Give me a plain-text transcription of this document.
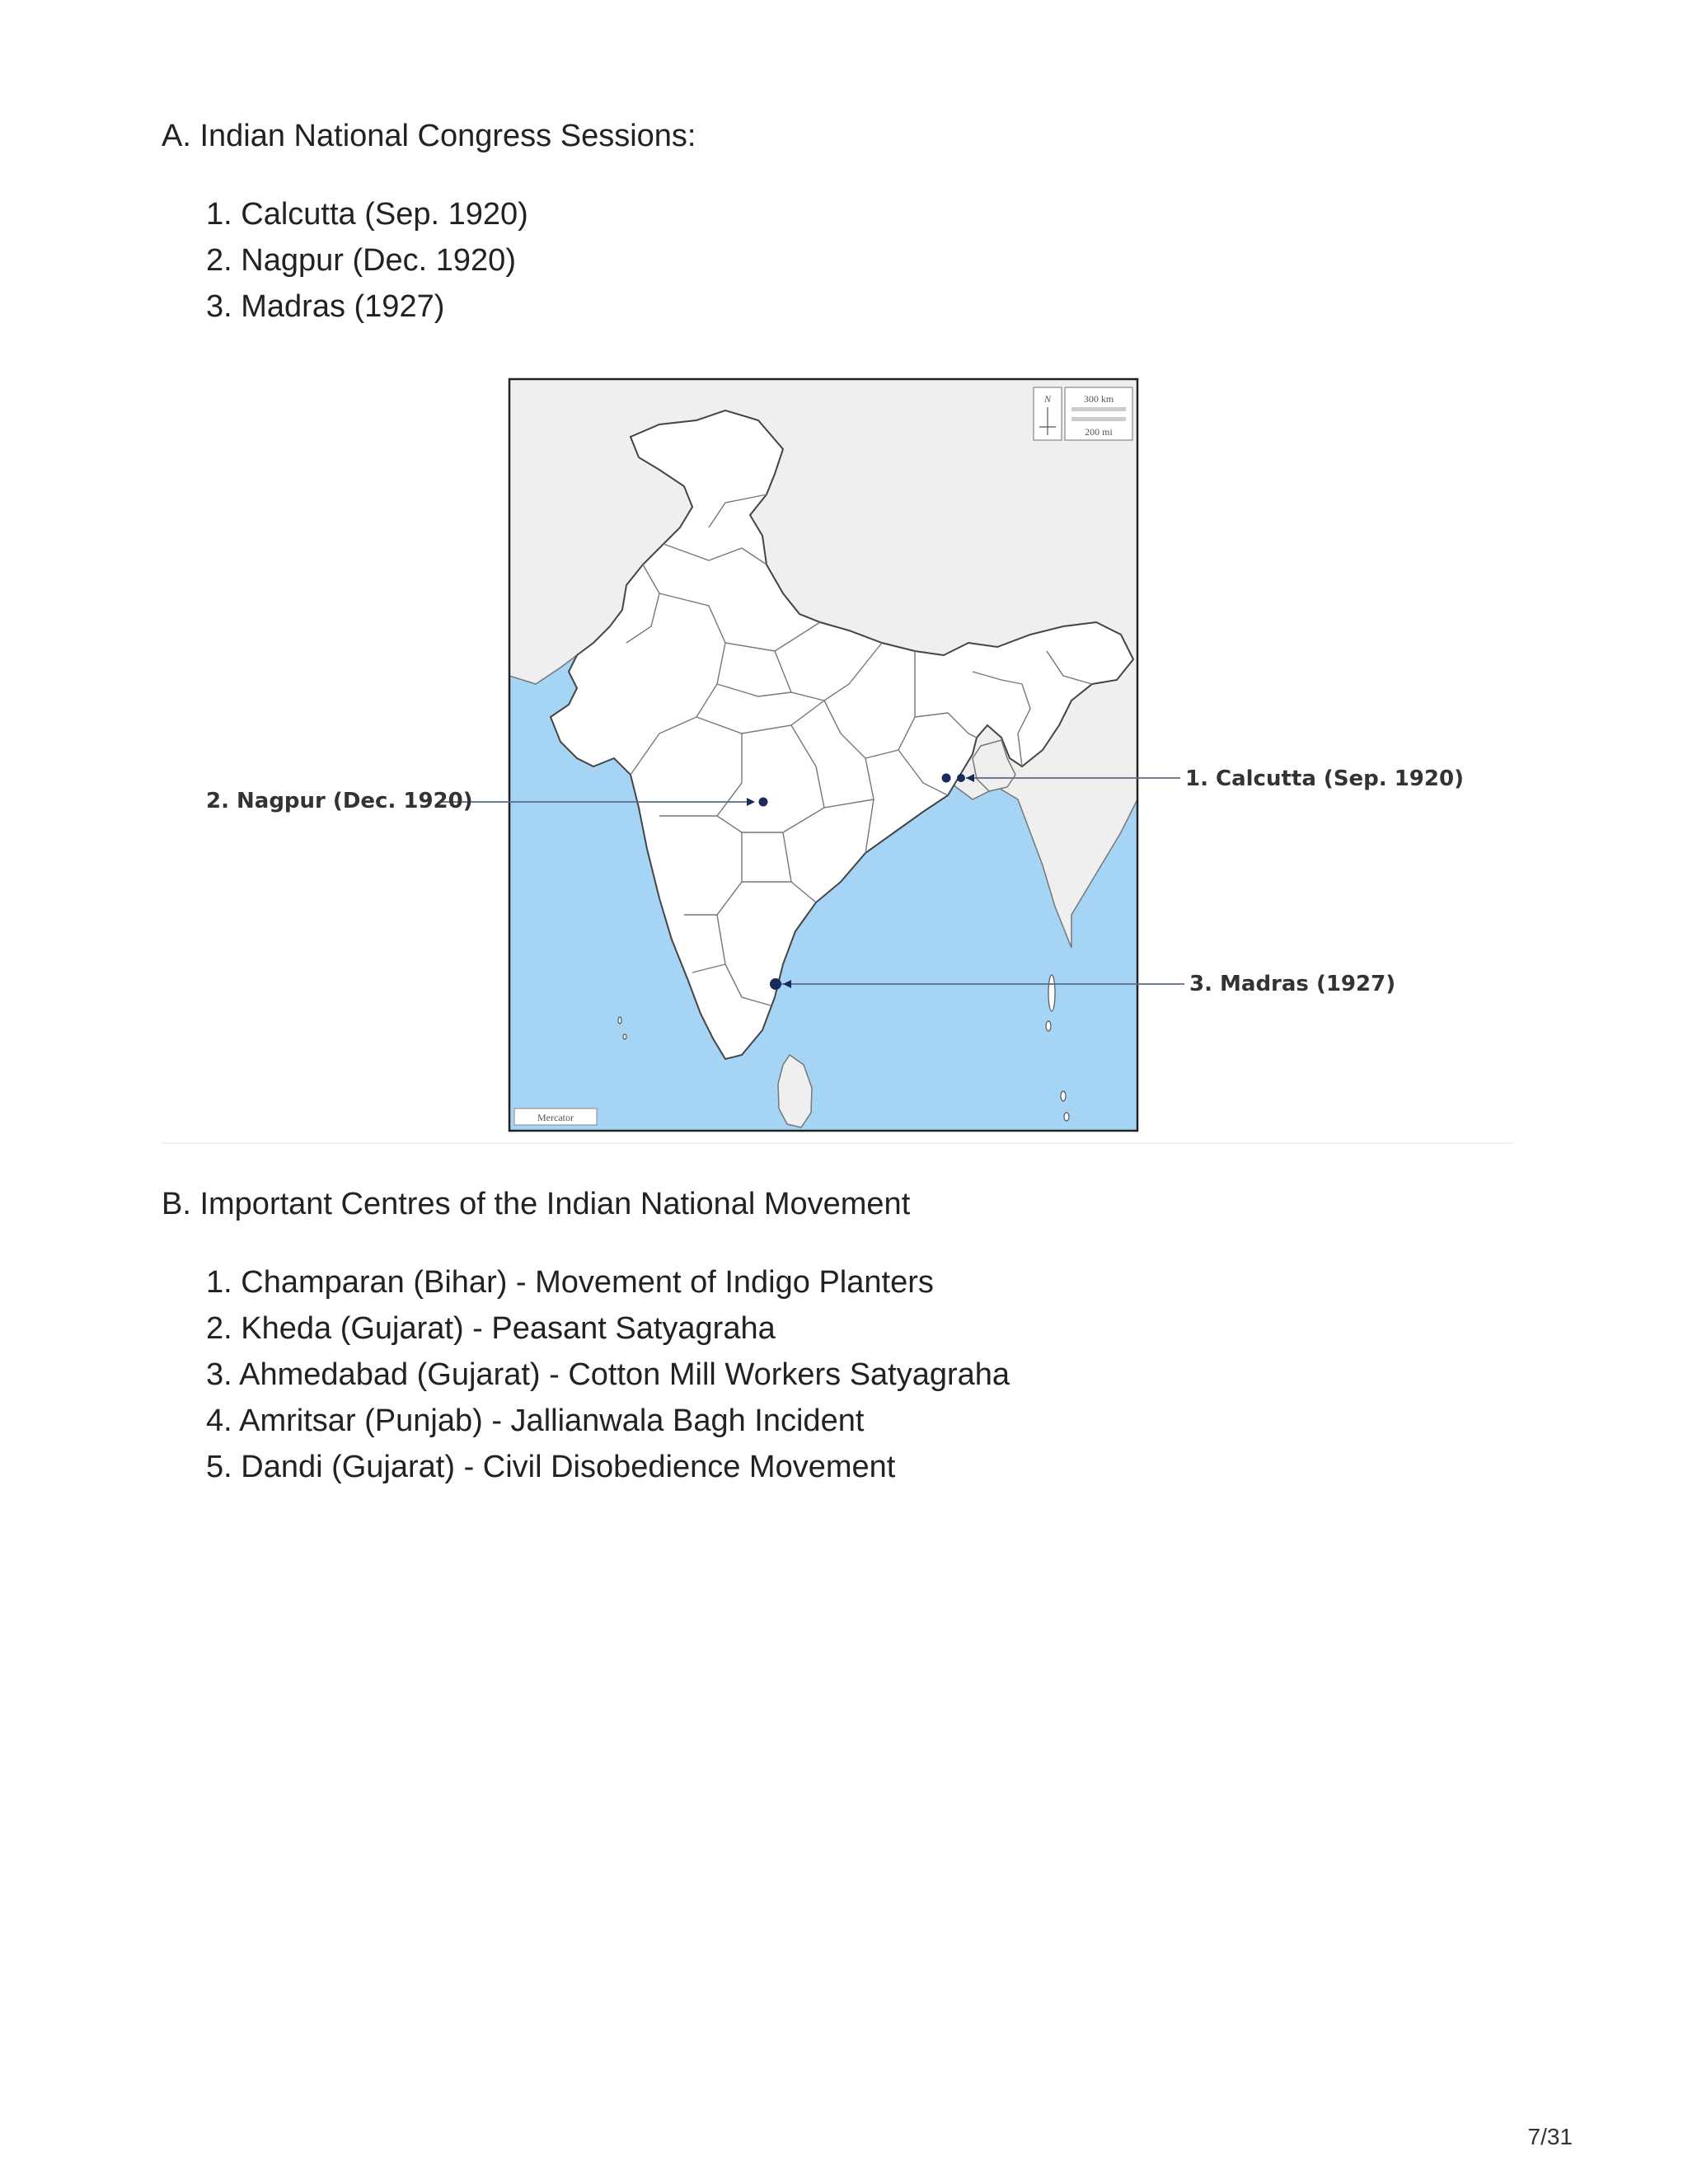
A. Indian National Congress Sessions:
1. Calcutta (Sep. 1920)
2. Nagpur (Dec. 1920)
3. Madras (1927)
N	300 km
200 mi
Mercator
1. Calcutta (Sep. 1920)
2. Nagpur (Dec. 1920)
3. Madras (1927)
B. Important Centres of the Indian National Movement
1. Champaran (Bihar) - Movement of Indigo Planters
2. Kheda (Gujarat) - Peasant Satyagraha
3. Ahmedabad (Gujarat) - Cotton Mill Workers Satyagraha
4. Amritsar (Punjab) - Jallianwala Bagh Incident
5. Dandi (Gujarat) - Civil Disobedience Movement
7/31
